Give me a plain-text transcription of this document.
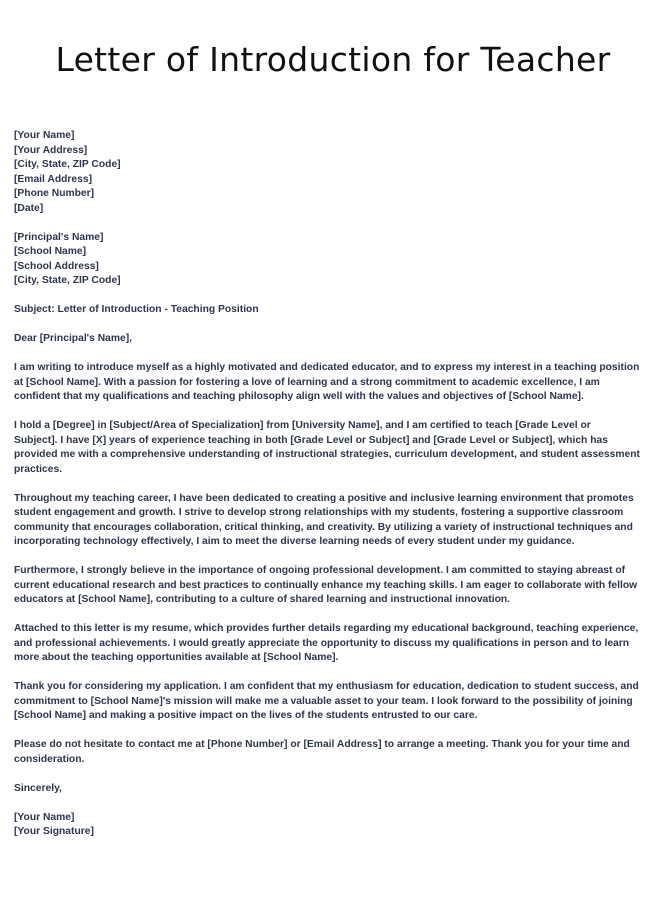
Letter of Introduction for Teacher
[Your Name]
[Your Address]
[City, State, ZIP Code]
[Email Address]
[Phone Number]
[Date]
[Principal's Name]
[School Name]
[School Address]
[City, State, ZIP Code]
Subject: Letter of Introduction - Teaching Position
Dear [Principal's Name],
I am writing to introduce myself as a highly motivated and dedicated educator, and to express my interest in a teaching position
at [School Name]. With a passion for fostering a love of learning and a strong commitment to academic excellence, I am
confident that my qualifications and teaching philosophy align well with the values and objectives of [School Name].
I hold a [Degree] in [Subject/Area of Specialization] from [University Name], and I am certified to teach [Grade Level or
Subject]. I have [X] years of experience teaching in both [Grade Level or Subject] and [Grade Level or Subject], which has
provided me with a comprehensive understanding of instructional strategies, curriculum development, and student assessment
practices.
Throughout my teaching career, I have been dedicated to creating a positive and inclusive learning environment that promotes
student engagement and growth. I strive to develop strong relationships with my students, fostering a supportive classroom
community that encourages collaboration, critical thinking, and creativity. By utilizing a variety of instructional techniques and
incorporating technology effectively, I aim to meet the diverse learning needs of every student under my guidance.
Furthermore, I strongly believe in the importance of ongoing professional development. I am committed to staying abreast of
current educational research and best practices to continually enhance my teaching skills. I am eager to collaborate with fellow
educators at [School Name], contributing to a culture of shared learning and instructional innovation.
Attached to this letter is my resume, which provides further details regarding my educational background, teaching experience,
and professional achievements. I would greatly appreciate the opportunity to discuss my qualifications in person and to learn
more about the teaching opportunities available at [School Name].
Thank you for considering my application. I am confident that my enthusiasm for education, dedication to student success, and
commitment to [School Name]'s mission will make me a valuable asset to your team. I look forward to the possibility of joining
[School Name] and making a positive impact on the lives of the students entrusted to our care.
Please do not hesitate to contact me at [Phone Number] or [Email Address] to arrange a meeting. Thank you for your time and
consideration.
Sincerely,
[Your Name]
[Your Signature]
